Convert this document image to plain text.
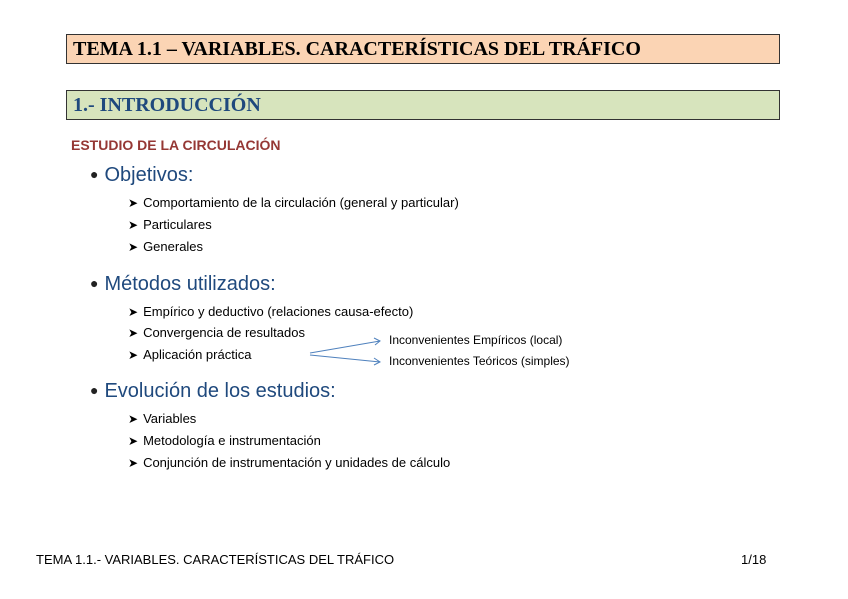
TEMA 1.1 – VARIABLES. CARACTERÍSTICAS DEL TRÁFICO
1.- INTRODUCCIÓN
ESTUDIO DE LA CIRCULACIÓN
● Objetivos:
➤ Comportamiento de la circulación (general y particular)
➤ Particulares
➤ Generales
● Métodos utilizados:
➤ Empírico y deductivo (relaciones causa-efecto)
➤ Convergencia de resultados
➤ Aplicación práctica
Inconvenientes Empíricos (local)
Inconvenientes Teóricos (simples)
● Evolución de los estudios:
➤ Variables
➤ Metodología e instrumentación
➤ Conjunción de instrumentación y unidades de cálculo
TEMA 1.1.- VARIABLES. CARACTERÍSTICAS DEL TRÁFICO	1/18
